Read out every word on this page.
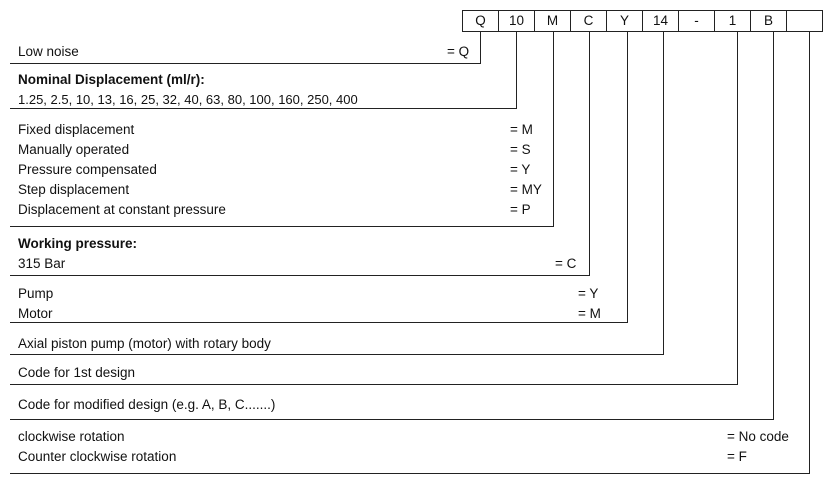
Q	10	M	C	Y	14	-	1	B
Low noise	= Q
Nominal Displacement (ml/r):
1.25, 2.5, 10, 13, 16, 25, 32, 40, 63, 80, 100, 160, 250, 400
Fixed displacement	= M
Manually operated	= S
Pressure compensated	= Y
Step displacement	= MY
Displacement at constant pressure	= P
Working pressure:
315 Bar	= C
Pump	= Y
Motor	= M
Axial piston pump (motor) with rotary body
Code for 1st design
Code for modified design (e.g. A, B, C.......)
clockwise rotation	= No code
Counter clockwise rotation	= F
